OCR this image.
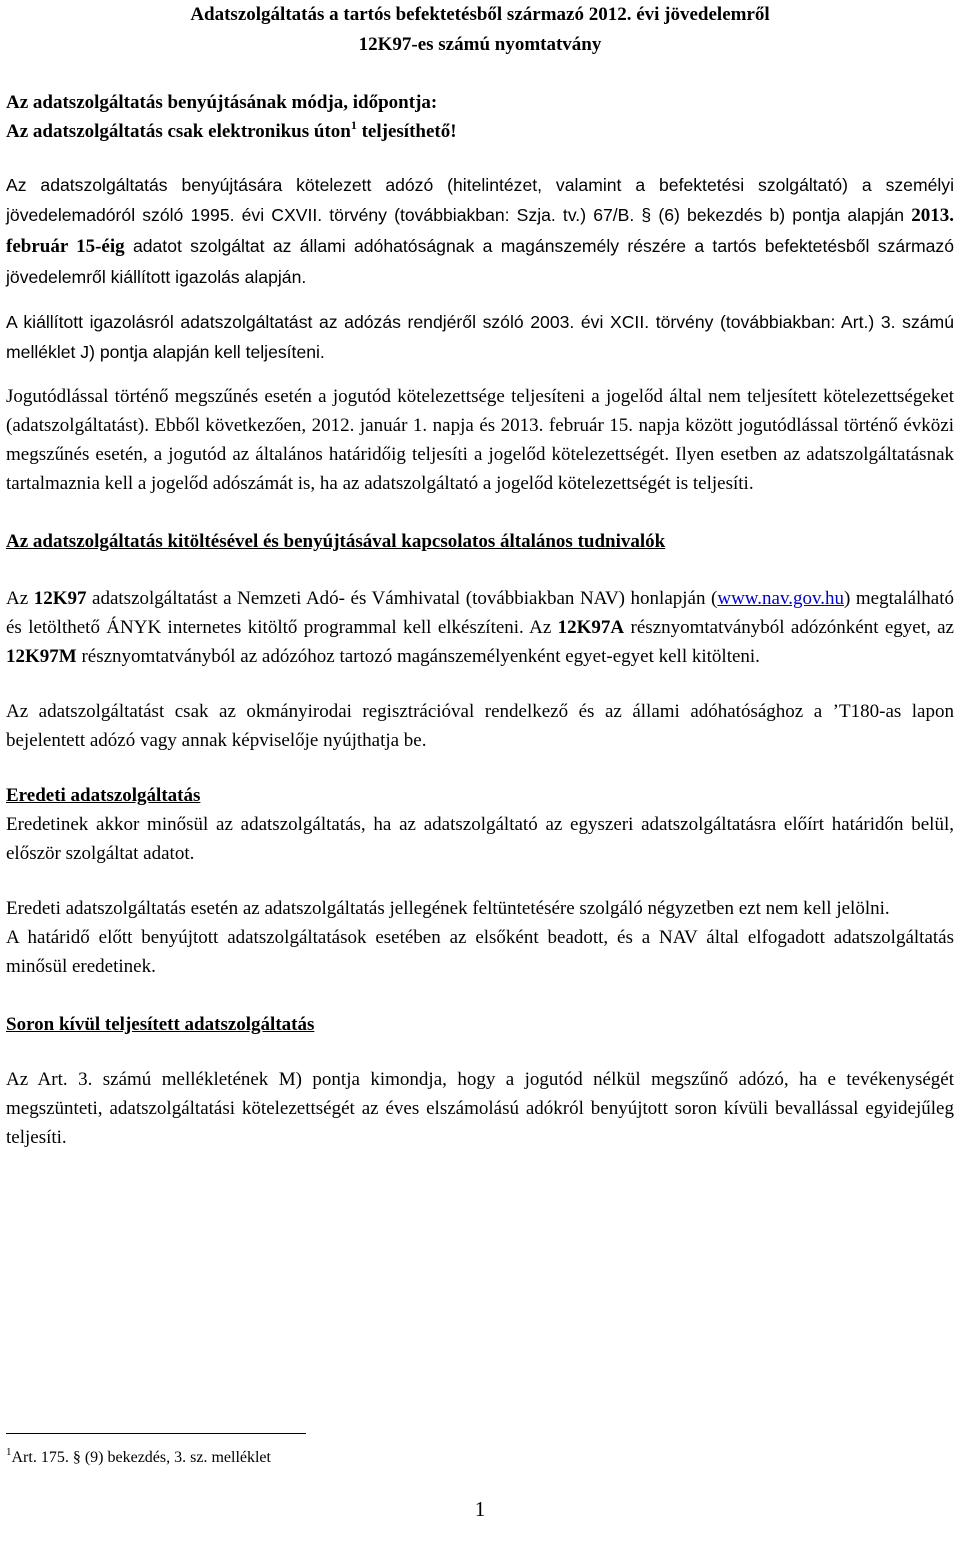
Adatszolgáltatás a tartós befektetésből származó 2012. évi jövedelemről

12K97-es számú nyomtatvány

Az adatszolgáltatás benyújtásának módja, időpontja:

Az adatszolgáltatás csak elektronikus úton$^1$ teljesíthető!

Az adatszolgáltatás benyújtására kötelezett adózó (hitelintézet, valamint a befektetési szolgáltató) a személyi jövedelemadóról szóló 1995. évi CXVII. törvény (továbbiakban: Szja. tv.) 67/B. § (6) bekezdés b) pontja alapján 2013. február 15-éig adatot szolgáltat az állami adóhatóságnak a magánszemély részére a tartós befektetésből származó jövedelemről kiállított igazolás alapján.

A kiállított igazolásról adatszolgáltatást az adózás rendjéről szóló 2003. évi XCII. törvény (továbbiakban: Art.) 3. számú melléklet J) pontja alapján kell teljesíteni.

Jogutódlással történő megszűnés esetén a jogutód kötelezettsége teljesíteni a jogelőd által nem teljesített kötelezettségeket (adatszolgáltatást). Ebből következően, 2012. január 1. napja és 2013. február 15. napja között jogutódlással történő évközi megszűnés esetén, a jogutód az általános határidőig teljesíti a jogelőd kötelezettségét. Ilyen esetben az adatszolgáltatásnak tartalmaznia kell a jogelőd adószámát is, ha az adatszolgáltató a jogelőd kötelezettségét is teljesíti.

Az adatszolgáltatás kitöltésével és benyújtásával kapcsolatos általános tudnivalók

Az 12K97 adatszolgáltatást a Nemzeti Adó- és Vámhivatal (továbbiakban NAV) honlapján (www.nav.gov.hu) megtalálható és letölthető ÁNYK internetes kitöltő programmal kell elkészíteni. Az 12K97A résznyomtatványból adózónként egyet, az 12K97M résznyomtatványból az adózóhoz tartozó magánszemélyenként egyet-egyet kell kitölteni.

Az adatszolgáltatást csak az okmányirodai regisztrációval rendelkező és az állami adóhatósághoz a ’T180-as lapon bejelentett adózó vagy annak képviselője nyújthatja be.

Eredeti adatszolgáltatás

Eredetinek akkor minősül az adatszolgáltatás, ha az adatszolgáltató az egyszeri adatszolgáltatásra előírt határidőn belül, először szolgáltat adatot.

Eredeti adatszolgáltatás esetén az adatszolgáltatás jellegének feltüntetésére szolgáló négyzetben ezt nem kell jelölni.

A határidő előtt benyújtott adatszolgáltatások esetében az elsőként beadott, és a NAV által elfogadott adatszolgáltatás minősül eredetinek.

Soron kívül teljesített adatszolgáltatás

Az Art. 3. számú mellékletének M) pontja kimondja, hogy a jogutód nélkül megszűnő adózó, ha e tevékenységét megszünteti, adatszolgáltatási kötelezettségét az éves elszámolású adókról benyújtott soron kívüli bevallással egyidejűleg teljesíti.

$^1$Art. 175. § (9) bekezdés, 3. sz. melléklet
1
